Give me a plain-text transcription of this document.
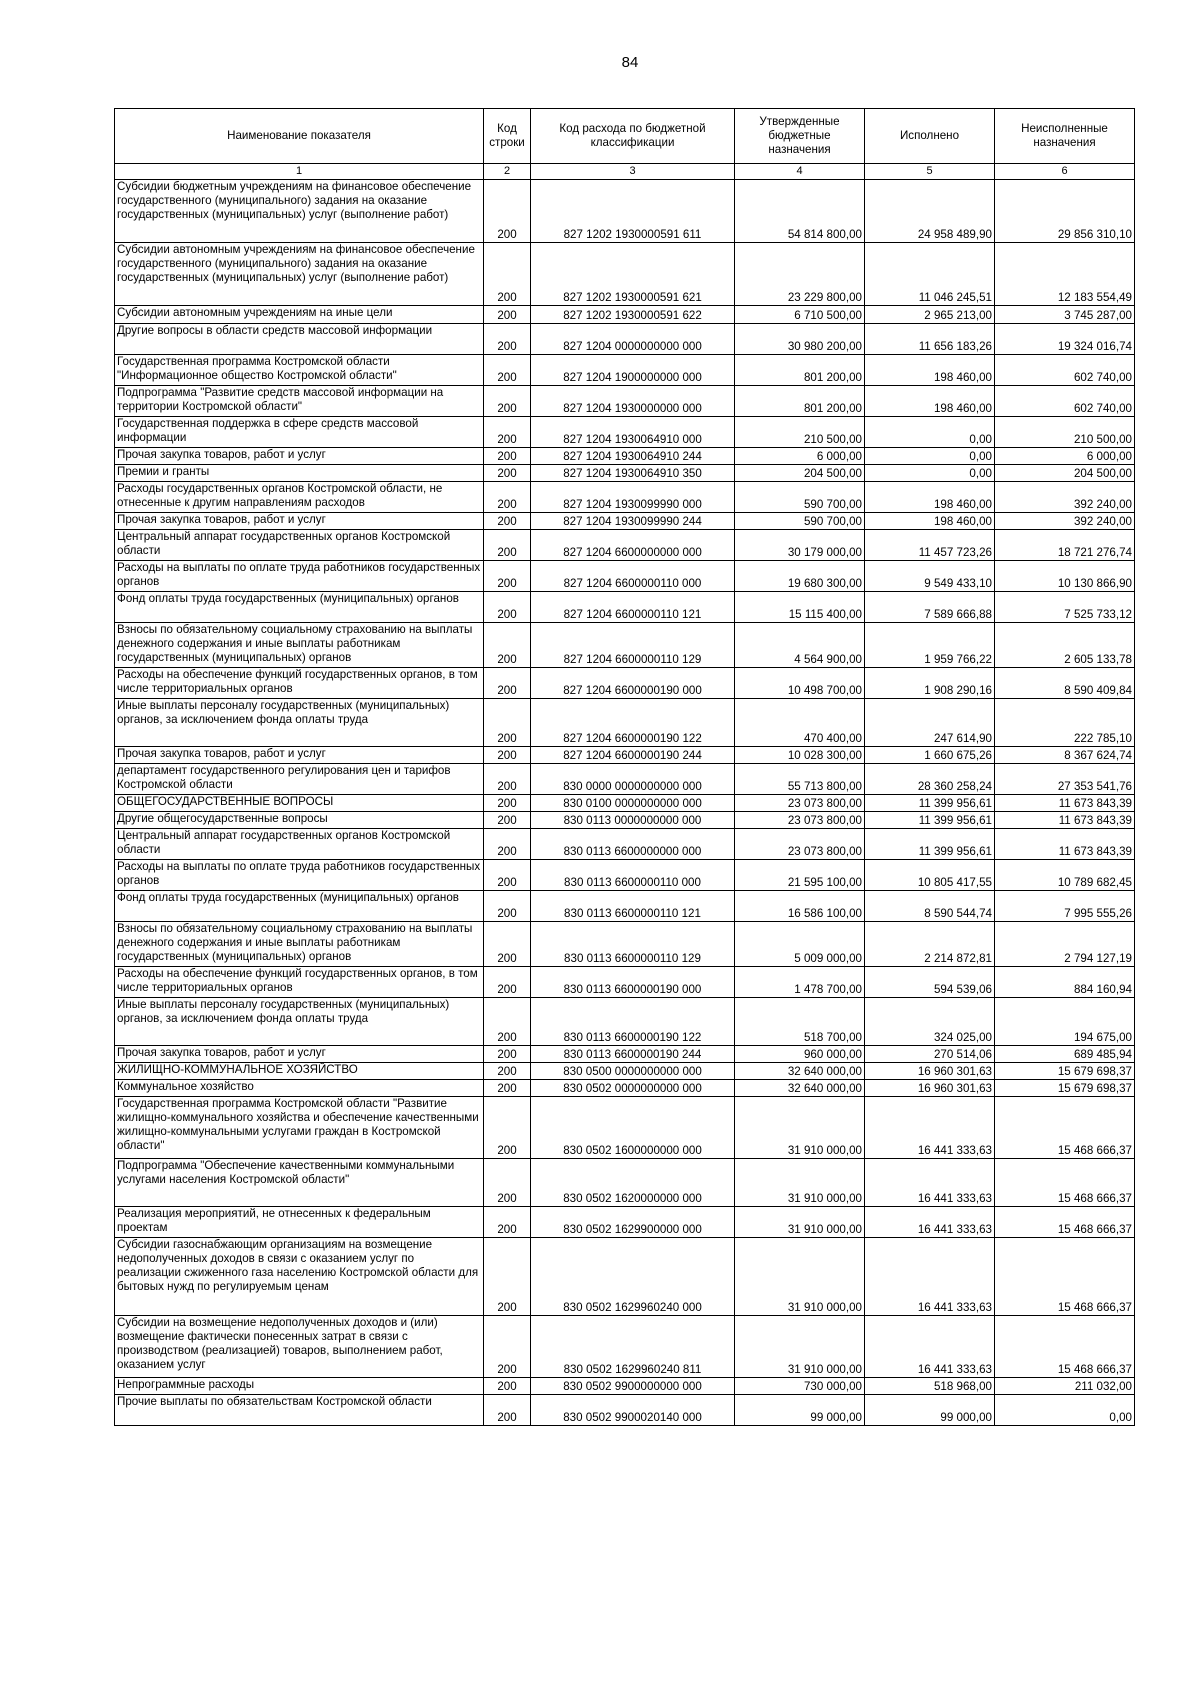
84
Наименование показателя	Код строки	Код расхода по бюджетной классификации	Утвержденные бюджетные назначения	Исполнено	Неисполненные назначения
1	2	3	4	5	6
Субсидии бюджетным учреждениям на финансовое обеспечение государственного (муниципального) задания на оказание государственных (муниципальных) услуг (выполнение работ)	200	827 1202 1930000591 611	54 814 800,00	24 958 489,90	29 856 310,10
Субсидии автономным учреждениям на финансовое обеспечение государственного (муниципального) задания на оказание государственных (муниципальных) услуг (выполнение работ)	200	827 1202 1930000591 621	23 229 800,00	11 046 245,51	12 183 554,49
Субсидии автономным учреждениям на иные цели	200	827 1202 1930000591 622	6 710 500,00	2 965 213,00	3 745 287,00
Другие вопросы в области средств массовой информации	200	827 1204 0000000000 000	30 980 200,00	11 656 183,26	19 324 016,74
Государственная программа Костромской области "Информационное общество Костромской области"	200	827 1204 1900000000 000	801 200,00	198 460,00	602 740,00
Подпрограмма "Развитие средств массовой информации на территории Костромской области"	200	827 1204 1930000000 000	801 200,00	198 460,00	602 740,00
Государственная поддержка в сфере средств массовой информации	200	827 1204 1930064910 000	210 500,00	0,00	210 500,00
Прочая закупка товаров, работ и услуг	200	827 1204 1930064910 244	6 000,00	0,00	6 000,00
Премии и гранты	200	827 1204 1930064910 350	204 500,00	0,00	204 500,00
Расходы государственных органов Костромской области, не отнесенные к другим направлениям расходов	200	827 1204 1930099990 000	590 700,00	198 460,00	392 240,00
Прочая закупка товаров, работ и услуг	200	827 1204 1930099990 244	590 700,00	198 460,00	392 240,00
Центральный аппарат государственных органов Костромской области	200	827 1204 6600000000 000	30 179 000,00	11 457 723,26	18 721 276,74
Расходы на выплаты по оплате труда работников государственных органов	200	827 1204 6600000110 000	19 680 300,00	9 549 433,10	10 130 866,90
Фонд оплаты труда государственных (муниципальных) органов	200	827 1204 6600000110 121	15 115 400,00	7 589 666,88	7 525 733,12
Взносы по обязательному социальному страхованию на выплаты денежного содержания и иные выплаты работникам государственных (муниципальных) органов	200	827 1204 6600000110 129	4 564 900,00	1 959 766,22	2 605 133,78
Расходы на обеспечение функций государственных органов, в том числе территориальных органов	200	827 1204 6600000190 000	10 498 700,00	1 908 290,16	8 590 409,84
Иные выплаты персоналу государственных (муниципальных) органов, за исключением фонда оплаты труда	200	827 1204 6600000190 122	470 400,00	247 614,90	222 785,10
Прочая закупка товаров, работ и услуг	200	827 1204 6600000190 244	10 028 300,00	1 660 675,26	8 367 624,74
департамент государственного регулирования цен и тарифов Костромской области	200	830 0000 0000000000 000	55 713 800,00	28 360 258,24	27 353 541,76
ОБЩЕГОСУДАРСТВЕННЫЕ ВОПРОСЫ	200	830 0100 0000000000 000	23 073 800,00	11 399 956,61	11 673 843,39
Другие общегосударственные вопросы	200	830 0113 0000000000 000	23 073 800,00	11 399 956,61	11 673 843,39
Центральный аппарат государственных органов Костромской области	200	830 0113 6600000000 000	23 073 800,00	11 399 956,61	11 673 843,39
Расходы на выплаты по оплате труда работников государственных органов	200	830 0113 6600000110 000	21 595 100,00	10 805 417,55	10 789 682,45
Фонд оплаты труда государственных (муниципальных) органов	200	830 0113 6600000110 121	16 586 100,00	8 590 544,74	7 995 555,26
Взносы по обязательному социальному страхованию на выплаты денежного содержания и иные выплаты работникам государственных (муниципальных) органов	200	830 0113 6600000110 129	5 009 000,00	2 214 872,81	2 794 127,19
Расходы на обеспечение функций государственных органов, в том числе территориальных органов	200	830 0113 6600000190 000	1 478 700,00	594 539,06	884 160,94
Иные выплаты персоналу государственных (муниципальных) органов, за исключением фонда оплаты труда	200	830 0113 6600000190 122	518 700,00	324 025,00	194 675,00
Прочая закупка товаров, работ и услуг	200	830 0113 6600000190 244	960 000,00	270 514,06	689 485,94
ЖИЛИЩНО-КОММУНАЛЬНОЕ ХОЗЯЙСТВО	200	830 0500 0000000000 000	32 640 000,00	16 960 301,63	15 679 698,37
Коммунальное хозяйство	200	830 0502 0000000000 000	32 640 000,00	16 960 301,63	15 679 698,37
Государственная программа Костромской области "Развитие жилищно-коммунального хозяйства и обеспечение качественными жилищно-коммунальными услугами граждан в Костромской области"	200	830 0502 1600000000 000	31 910 000,00	16 441 333,63	15 468 666,37
Подпрограмма "Обеспечение качественными коммунальными услугами населения Костромской области"	200	830 0502 1620000000 000	31 910 000,00	16 441 333,63	15 468 666,37
Реализация мероприятий, не отнесенных к федеральным проектам	200	830 0502 1629900000 000	31 910 000,00	16 441 333,63	15 468 666,37
Субсидии газоснабжающим организациям на возмещение недополученных доходов в связи с оказанием услуг по реализации сжиженного газа населению Костромской области для бытовых нужд по регулируемым ценам	200	830 0502 1629960240 000	31 910 000,00	16 441 333,63	15 468 666,37
Субсидии на возмещение недополученных доходов и (или) возмещение фактически понесенных затрат в связи с производством (реализацией) товаров, выполнением работ, оказанием услуг	200	830 0502 1629960240 811	31 910 000,00	16 441 333,63	15 468 666,37
Непрограммные расходы	200	830 0502 9900000000 000	730 000,00	518 968,00	211 032,00
Прочие выплаты по обязательствам Костромской области	200	830 0502 9900020140 000	99 000,00	99 000,00	0,00
